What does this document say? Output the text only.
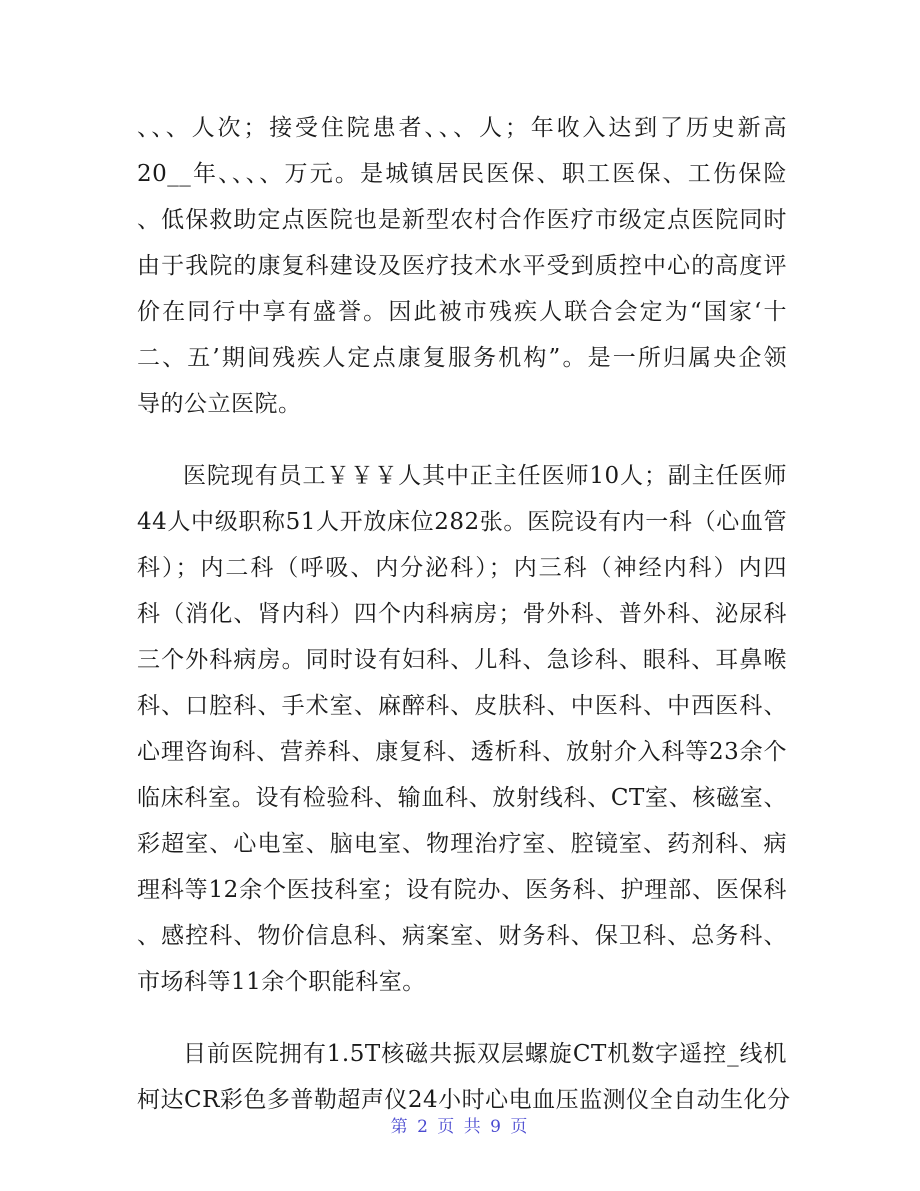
、、、人次；接受住院患者、、、人；年收入达到了历史新高
20__年、、、、万元。是城镇居民医保、职工医保、工伤保险
、低保救助定点医院也是新型农村合作医疗市级定点医院同时
由于我院的康复科建设及医疗技术水平受到质控中心的高度评
价在同行中享有盛誉。因此被市残疾人联合会定为“国家‘十
二、五’期间残疾人定点康复服务机构”。是一所归属央企领
导的公立医院。
医院现有员工￥￥￥人其中正主任医师10人；副主任医师
44人中级职称51人开放床位282张。医院设有内一科（心血管
科）；内二科（呼吸、内分泌科）；内三科（神经内科）内四
科（消化、肾内科）四个内科病房；骨外科、普外科、泌尿科
三个外科病房。同时设有妇科、儿科、急诊科、眼科、耳鼻喉
科、口腔科、手术室、麻醉科、皮肤科、中医科、中西医科、
心理咨询科、营养科、康复科、透析科、放射介入科等23余个
临床科室。设有检验科、输血科、放射线科、CT室、核磁室、
彩超室、心电室、脑电室、物理治疗室、腔镜室、药剂科、病
理科等12余个医技科室；设有院办、医务科、护理部、医保科
、感控科、物价信息科、病案室、财务科、保卫科、总务科、
市场科等11余个职能科室。
目前医院拥有1.5T核磁共振双层螺旋CT机数字遥控_线机
柯达CR彩色多普勒超声仪24小时心电血压监测仪全自动生化分
第 2 页 共 9 页
